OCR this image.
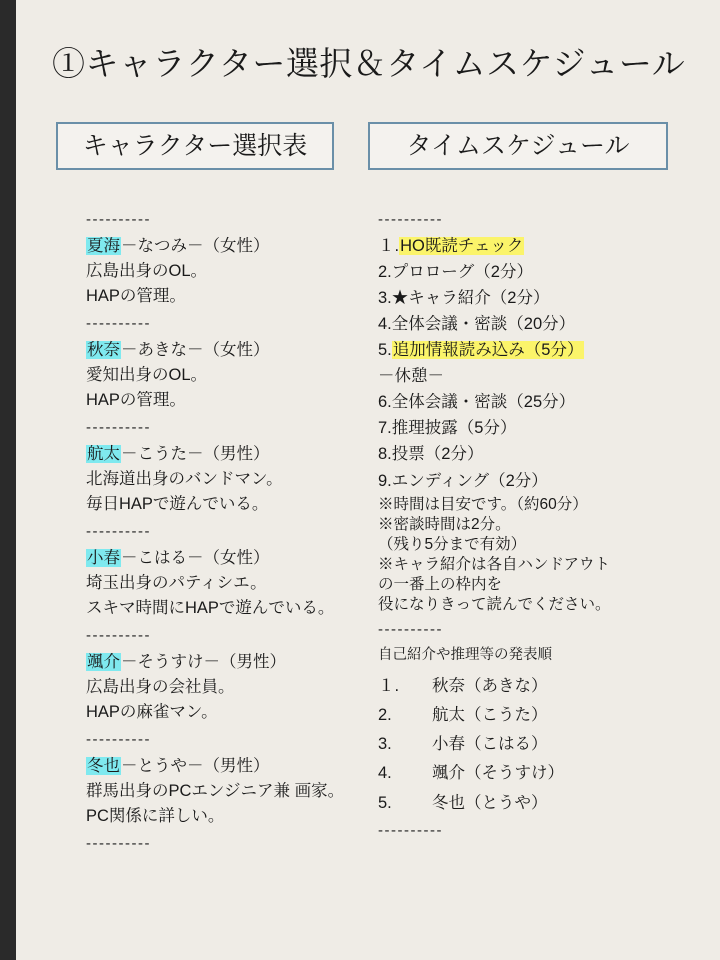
①キャラクター選択＆タイムスケジュール
キャラクター選択表	タイムスケジュール
----------
夏海－なつみ－（女性）
広島出身のOL。
HAPの管理。
----------
秋奈－あきな－（女性）
愛知出身のOL。
HAPの管理。
----------
航太－こうた－（男性）
北海道出身のバンドマン。
毎日HAPで遊んでいる。
----------
小春－こはる－（女性）
埼玉出身のパティシエ。
スキマ時間にHAPで遊んでいる。
----------
颯介－そうすけ－（男性）
広島出身の会社員。
HAPの麻雀マン。
----------
冬也－とうや－（男性）
群馬出身のPCエンジニア兼 画家。
PC関係に詳しい。
----------
----------
１.HO既読チェック
2.プロローグ（2分）
3.★キャラ紹介（2分）
4.全体会議・密談（20分）
5.追加情報読み込み（5分）
－休憩－
6.全体会議・密談（25分）
7.推理披露（5分）
8.投票（2分）
9.エンディング（2分）
※時間は目安です。（約60分）
※密談時間は2分。
（残り5分まで有効）
※キャラ紹介は各自ハンドアウト
の一番上の枠内を
役になりきって読んでください。
----------
自己紹介や推理等の発表順
１.	秋奈（あきな）
2.	航太（こうた）
3.	小春（こはる）
4.	颯介（そうすけ）
5.	冬也（とうや）
----------
